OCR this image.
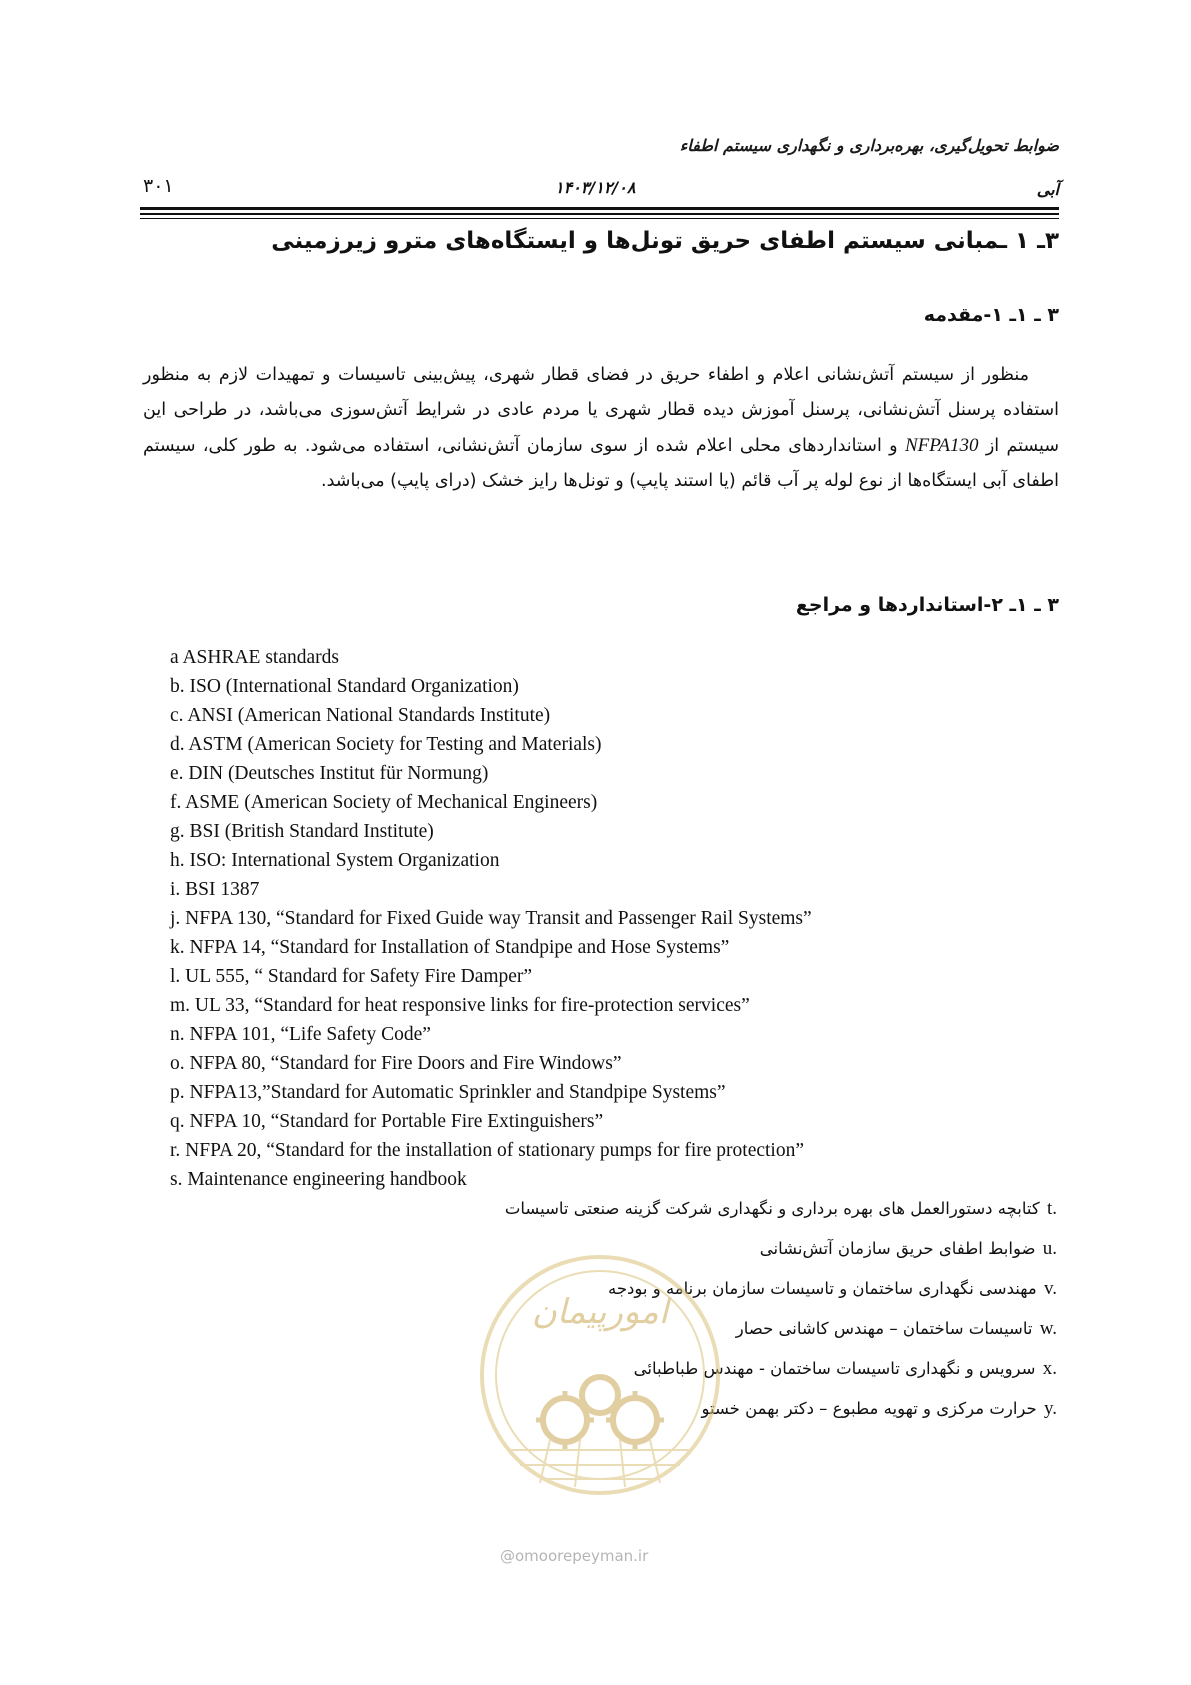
ضوابط تحویل‌گیری، بهره‌برداری و نگهداری سیستم اطفاء
۳۰۱	۱۴۰۳/۱۲/۰۸	آبی
۳ـ ۱ ـمبانی سیستم اطفای حریق تونل‌ها و ایستگاه‌های مترو زیرزمینی
۳ ـ ۱ـ ۱-مقدمه

منظور از سیستم آتش‌نشانی اعلام و اطفاء حریق در فضای قطار شهری، پیش‌بینی تاسیسات و تمهیدات لازم به منظور استفاده پرسنل آتش‌نشانی، پرسنل آموزش دیده قطار شهری یا مردم عادی در شرایط آتش‌سوزی می‌باشد، در طراحی این سیستم از NFPA130 و استانداردهای محلی اعلام شده از سوی سازمان آتش‌نشانی، استفاده می‌شود. به طور کلی، سیستم اطفای آبی ایستگاه‌ها از نوع لوله پر آب قائم (یا استند پایپ) و تونل‌ها رایز خشک (درای پایپ) می‌باشد.

۳ ـ ۱ـ ۲-استانداردها و مراجع
a ASHRAE standards
b. ISO (International Standard Organization)
c. ANSI (American National Standards Institute)
d. ASTM (American Society for Testing and Materials)
e. DIN (Deutsches Institut für Normung)
f. ASME (American Society of Mechanical Engineers)
g. BSI (British Standard Institute)
h. ISO: International System Organization
i. BSI 1387
j. NFPA 130, “Standard for Fixed Guide way Transit and Passenger Rail Systems”
k. NFPA 14, “Standard for Installation of Standpipe and Hose Systems”
l. UL 555, “ Standard for Safety Fire Damper”
m. UL 33, “Standard for heat responsive links for fire-protection services”
n. NFPA 101, “Life Safety Code”
o. NFPA 80, “Standard for Fire Doors and Fire Windows”
p. NFPA13,”Standard for Automatic Sprinkler and Standpipe Systems”
q. NFPA 10, “Standard for Portable Fire Extinguishers”
r. NFPA 20, “Standard for the installation of stationary pumps for fire protection”
s. Maintenance engineering handbook
t. کتابچه دستورالعمل های بهره برداری و نگهداری شرکت گزینه صنعتی تاسیسات
u. ضوابط اطفای حریق سازمان آتش‌نشانی
v. مهندسی نگهداری ساختمان و تاسیسات سازمان برنامه و بودجه
w. تاسیسات ساختمان – مهندس کاشانی حصار
x. سرویس و نگهداری تاسیسات ساختمان - مهندس طباطبائی
y. حرارت مرکزی و تهویه مطبوع – دکتر بهمن خستو
امورپیمان
@omoorepeyman.ir
